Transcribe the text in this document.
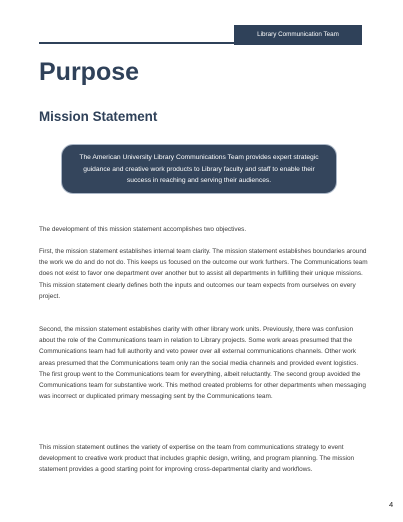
Library Communication Team
Purpose
Mission Statement
The American University Library Communications Team provides expert strategic guidance and creative work products to Library faculty and staff to enable their success in reaching and serving their audiences.

The development of this mission statement accomplishes two objectives.

First, the mission statement establishes internal team clarity. The mission statement establishes boundaries around the work we do and do not do. This keeps us focused on the outcome our work furthers. The Communications team does not exist to favor one department over another but to assist all departments in fulfilling their unique missions. This mission statement clearly defines both the inputs and outcomes our team expects from ourselves on every project.

Second, the mission statement establishes clarity with other library work units. Previously, there was confusion about the role of the Communications team in relation to Library projects. Some work areas presumed that the Communications team had full authority and veto power over all external communications channels. Other work areas presumed that the Communications team only ran the social media channels and provided event logistics. The first group went to the Communications team for everything, albeit reluctantly. The second group avoided the Communications team for substantive work. This method created problems for other departments when messaging was incorrect or duplicated primary messaging sent by the Communications team.

This mission statement outlines the variety of expertise on the team from communications strategy to event development to creative work product that includes graphic design, writing, and program planning. The mission statement provides a good starting point for improving cross-departmental clarity and workflows.

4
